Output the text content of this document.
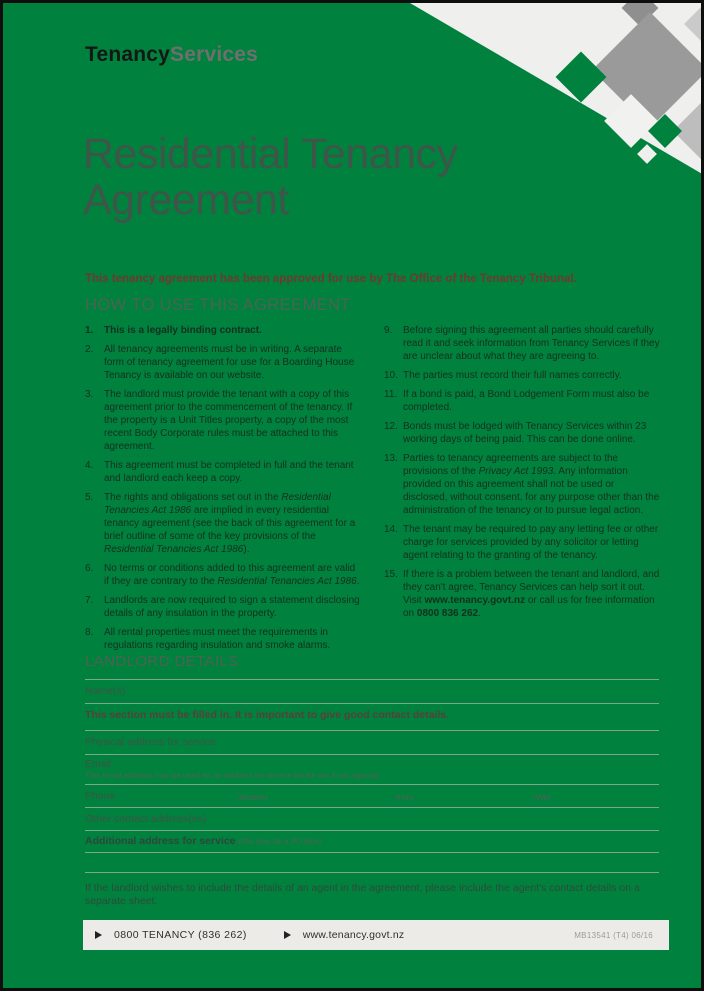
TenancyServices
Residential Tenancy
Agreement
This tenancy agreement has been approved for use by The Office of the Tenancy Tribunal.
HOW TO USE THIS AGREEMENT
1.	This is a legally binding contract.
2.	All tenancy agreements must be in writing. A separate form of tenancy agreement for use for a Boarding House Tenancy is available on our website.
3.	The landlord must provide the tenant with a copy of this agreement prior to the commencement of the tenancy. If the property is a Unit Titles property, a copy of the most recent Body Corporate rules must be attached to this agreement.
4.	This agreement must be completed in full and the tenant and landlord each keep a copy.
5.	The rights and obligations set out in the Residential Tenancies Act 1986 are implied in every residential tenancy agreement (see the back of this agreement for a brief outline of some of the key provisions of the Residential Tenancies Act 1986).
6.	No terms or conditions added to this agreement are valid if they are contrary to the Residential Tenancies Act 1986.
7.	Landlords are now required to sign a statement disclosing details of any insulation in the property.
8.	All rental properties must meet the requirements in regulations regarding insulation and smoke alarms.
9.	Before signing this agreement all parties should carefully read it and seek information from Tenancy Services if they are unclear about what they are agreeing to.
10. The parties must record their full names correctly.
11. If a bond is paid, a Bond Lodgement Form must also be completed.
12. Bonds must be lodged with Tenancy Services within 23 working days of being paid. This can be done online.
13. Parties to tenancy agreements are subject to the provisions of the Privacy Act 1993. Any information provided on this agreement shall not be used or disclosed, without consent, for any purpose other than the administration of the tenancy or to pursue legal action.
14. The tenant may be required to pay any letting fee or other charge for services provided by any solicitor or letting agent relating to the granting of the tenancy.
15. If there is a problem between the tenant and landlord, and they can't agree, Tenancy Services can help sort it out. Visit www.tenancy.govt.nz or call us for free information on 0800 836 262.
LANDLORD DETAILS
Name(s)
This section must be filled in. It is important to give good contact details.
Physical address for service
Email
This email address may be used as an address for service (strike out if not agreed)
Phone	(Mobile)	(Hm)	(Wk)
Other contact address(es)
Additional address for service (this may be a PO Box)
If the landlord wishes to include the details of an agent in the agreement, please include the agent's contact details on a separate sheet.
0800 TENANCY (836 262)	www.tenancy.govt.nz	MB13541 (T4) 06/16
